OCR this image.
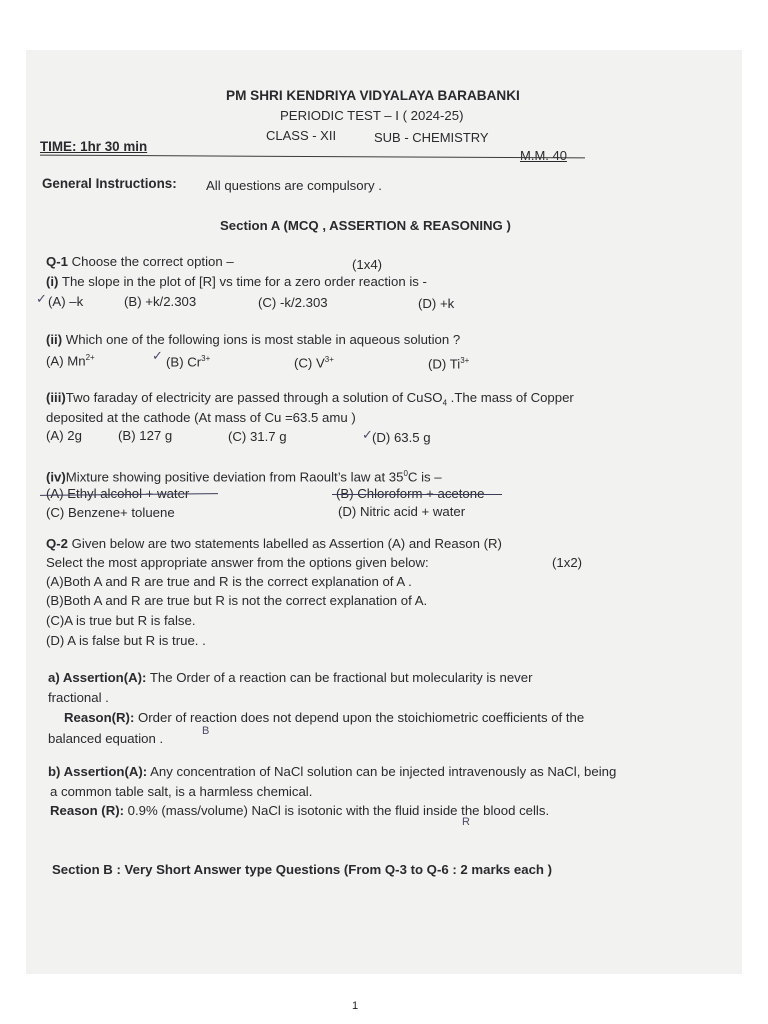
PM SHRI KENDRIYA VIDYALAYA BARABANKI
PERIODIC TEST – I ( 2024-25)
CLASS - XII	SUB - CHEMISTRY
TIME: 1hr 30 min
M.M. 40
General Instructions: All questions are compulsory .
Section A (MCQ , ASSERTION & REASONING )
Q-1 Choose the correct option –	(1x4)
(i) The slope in the plot of [R] vs time for a zero order reaction is -
(A) –k	(B) +k/2.303	(C) -k/2.303	(D) +k
✓
(ii) Which one of the following ions is most stable in aqueous solution ?
(A) $Mn^{2+}$	(B) $Cr^{3+}$	(C) $V^{3+}$	(D) $Ti^{3+}$
✓
(iii)Two faraday of electricity are passed through a solution of CuSO$_4$ .The mass of Copper
deposited at the cathode (At mass of Cu =63.5 amu )
(A) 2g	(B) 127 g	(C) 31.7 g	(D) 63.5 g
✓
(iv)Mixture showing positive deviation from Raoult’s law at $35^0C$ is –
(A) Ethyl alcohol + water	(B) Chloroform + acetone
(C) Benzene+ toluene	(D) Nitric acid + water
Q-2 Given below are two statements labelled as Assertion (A) and Reason (R)
Select the most appropriate answer from the options given below:	(1x2)
(A)Both A and R are true and R is the correct explanation of A .
(B)Both A and R are true but R is not the correct explanation of A.
(C)A is true but R is false.
(D) A is false but R is true. .
a) Assertion(A): The Order of a reaction can be fractional but molecularity is never
fractional .
Reason(R): Order of reaction does not depend upon the stoichiometric coefficients of the
balanced equation .	B
b) Assertion(A): Any concentration of NaCl solution can be injected intravenously as NaCl, being
a common table salt, is a harmless chemical.
Reason (R): 0.9% (mass/volume) NaCl is isotonic with the fluid inside the blood cells.
R
Section B : Very Short Answer type Questions (From Q-3 to Q-6 : 2 marks each )
1
